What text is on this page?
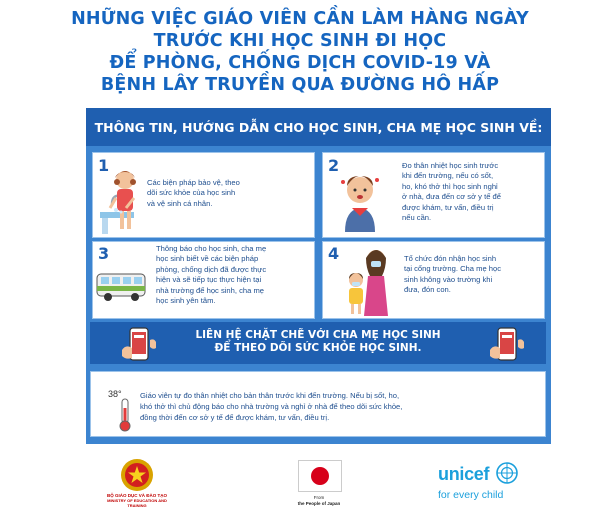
NHỮNG VIỆC GIÁO VIÊN CẦN LÀM HÀNG NGÀY
TRƯỚC KHI HỌC SINH ĐI HỌC
ĐỂ PHÒNG, CHỐNG DỊCH COVID-19 VÀ
BỆNH LÂY TRUYỀN QUA ĐƯỜNG HÔ HẤP
THÔNG TIN, HƯỚNG DẪN CHO HỌC SINH, CHA MẸ HỌC SINH VỀ:
1
Các biện pháp bảo vệ, theo
dõi sức khỏe của học sinh
và vệ sinh cá nhân.
2	Đo thân nhiệt học sinh trước
khi đến trường, nếu có sốt,
ho, khó thở thì học sinh nghỉ
ở nhà, đưa đến cơ sở y tế để
được khám, tư vấn, điều trị
nếu cần.
3	Thông báo cho học sinh, cha mẹ
học sinh biết về các biện pháp
phòng, chống dịch đã được thực
hiện và sẽ tiếp tục thực hiện tại
nhà trường để học sinh, cha mẹ
học sinh yên tâm.
4	Tổ chức đón nhận học sinh
tại cổng trường. Cha mẹ học
sinh không vào trường khi
đưa, đón con.
LIÊN HỆ CHẶT CHẼ VỚI CHA MẸ HỌC SINH
ĐỂ THEO DÕI SỨC KHỎE HỌC SINH.
38° Giáo viên tự đo thân nhiệt cho bản thân trước khi đến trường. Nếu bị sốt, ho,
khó thở thì chủ động báo cho nhà trường và nghỉ ở nhà để theo dõi sức khỏe,
đồng thời đến cơ sở y tế để được khám, tư vấn, điều trị.
BỘ GIÁO DỤC VÀ ĐÀO TẠO
MINISTRY OF EDUCATION AND TRAINING
From
the People of Japan
unicef
for every child
